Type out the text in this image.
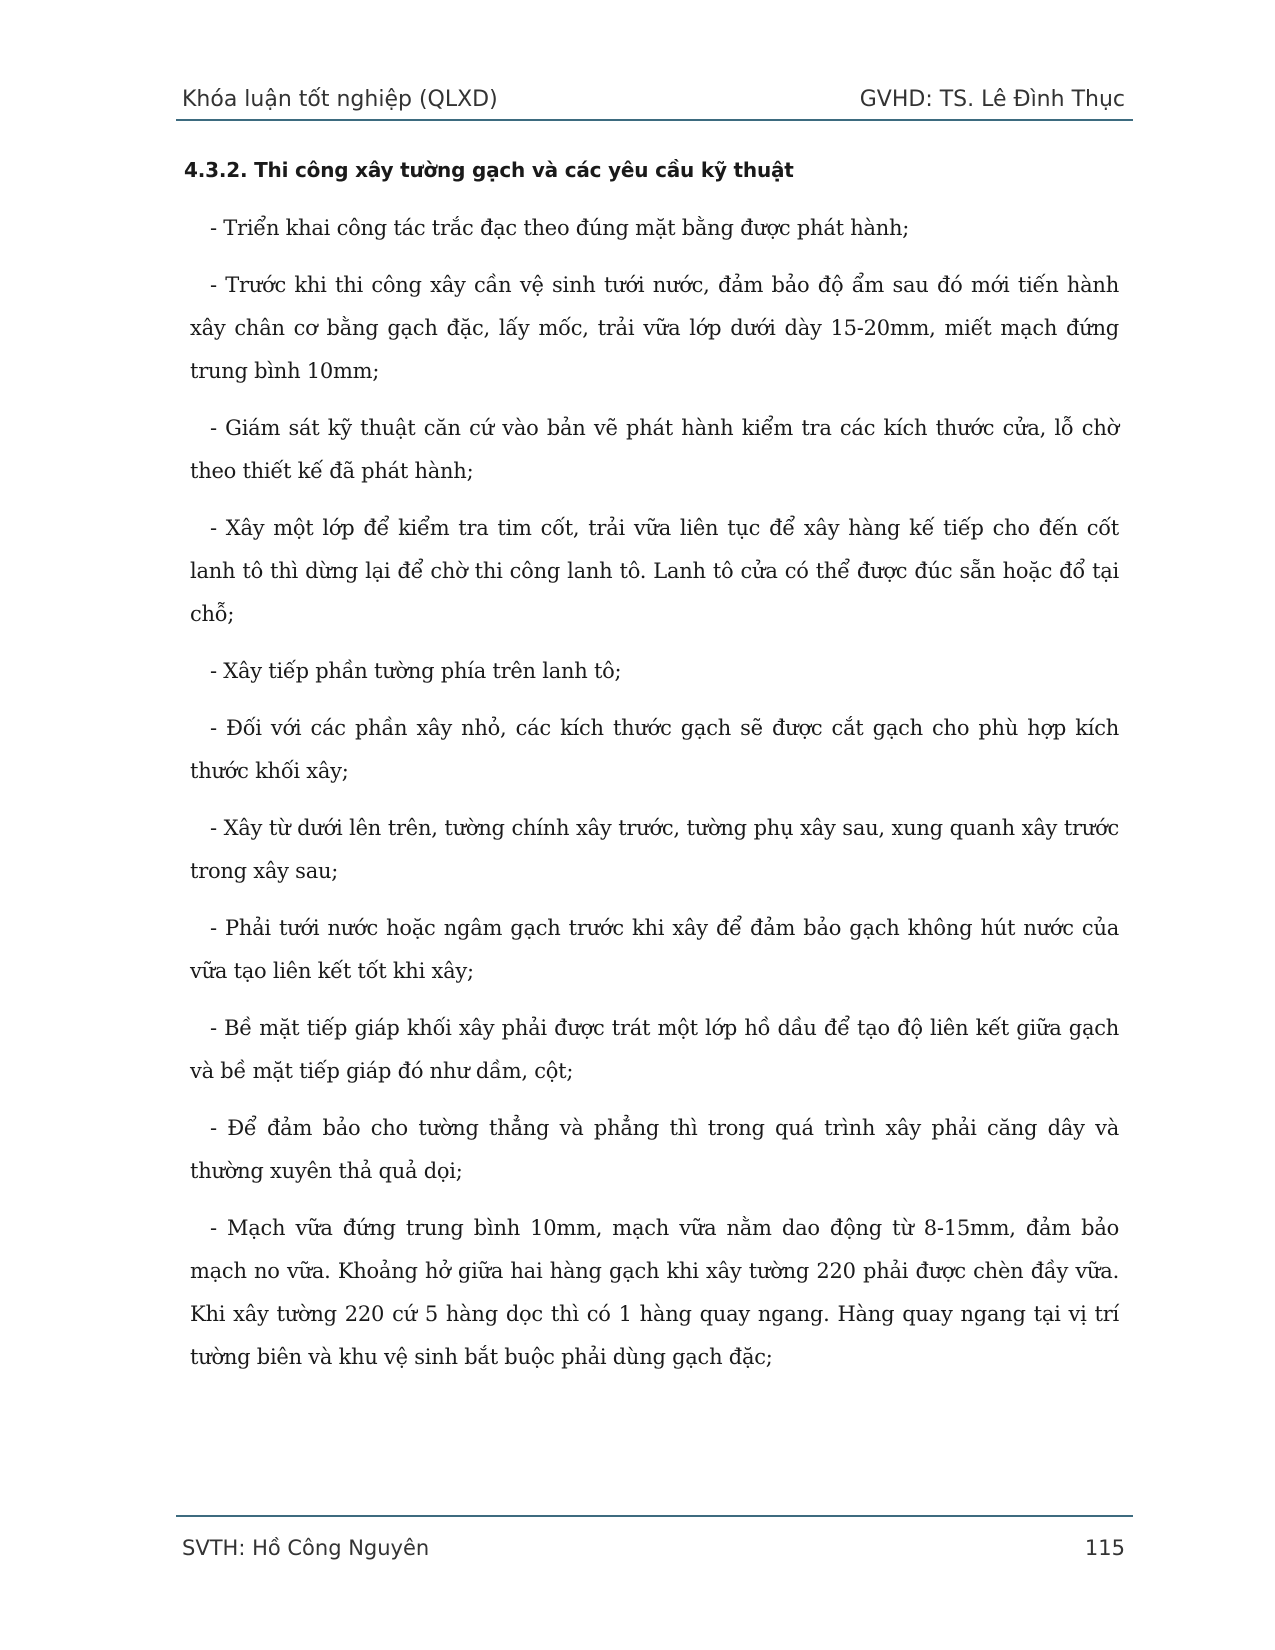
Khóa luận tốt nghiệp (QLXD)	GVHD: TS. Lê Đình Thục
4.3.2. Thi công xây tường gạch và các yêu cầu kỹ thuật

- Triển khai công tác trắc đạc theo đúng mặt bằng được phát hành;

- Trước khi thi công xây cần vệ sinh tưới nước, đảm bảo độ ẩm sau đó mới tiến hành xây chân cơ bằng gạch đặc, lấy mốc, trải vữa lớp dưới dày 15-20mm, miết mạch đứng trung bình 10mm;

- Giám sát kỹ thuật căn cứ vào bản vẽ phát hành kiểm tra các kích thước cửa, lỗ chờ theo thiết kế đã phát hành;

- Xây một lớp để kiểm tra tim cốt, trải vữa liên tục để xây hàng kế tiếp cho đến cốt lanh tô thì dừng lại để chờ thi công lanh tô. Lanh tô cửa có thể được đúc sẵn hoặc đổ tại chỗ;

- Xây tiếp phần tường phía trên lanh tô;

- Đối với các phần xây nhỏ, các kích thước gạch sẽ được cắt gạch cho phù hợp kích thước khối xây;

- Xây từ dưới lên trên, tường chính xây trước, tường phụ xây sau, xung quanh xây trước trong xây sau;

- Phải tưới nước hoặc ngâm gạch trước khi xây để đảm bảo gạch không hút nước của vữa tạo liên kết tốt khi xây;

- Bề mặt tiếp giáp khối xây phải được trát một lớp hồ dầu để tạo độ liên kết giữa gạch và bề mặt tiếp giáp đó như dầm, cột;

- Để đảm bảo cho tường thẳng và phẳng thì trong quá trình xây phải căng dây và thường xuyên thả quả dọi;

- Mạch vữa đứng trung bình 10mm, mạch vữa nằm dao động từ 8-15mm, đảm bảo mạch no vữa. Khoảng hở giữa hai hàng gạch khi xây tường 220 phải được chèn đầy vữa. Khi xây tường 220 cứ 5 hàng dọc thì có 1 hàng quay ngang. Hàng quay ngang tại vị trí tường biên và khu vệ sinh bắt buộc phải dùng gạch đặc;

SVTH: Hồ Công Nguyên	115
